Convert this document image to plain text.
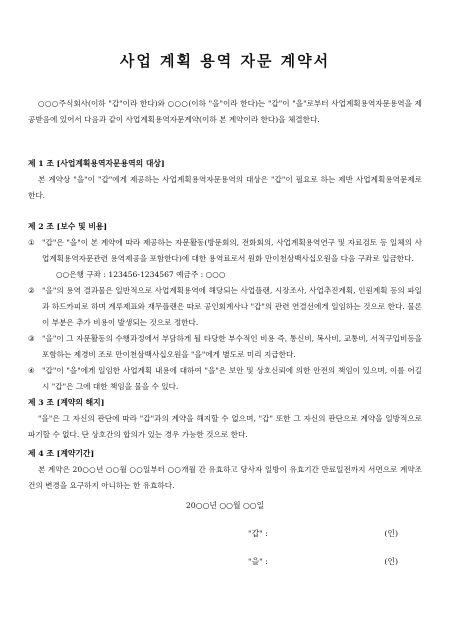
사업 계획 용역 자문 계약서
○○○주식회사(이하 "갑"이라 한다)와 ○○○(이하 "을"이라 한다)는 "갑"이 "을"로부터 사업계획용역자문용역을 제공받음에 있어서 다음과 같이 사업계획용역자문계약(이하 본 계약이라 한다)을 체결한다.
제 1 조 [사업계획용역자문용역의 대상]
본 계약상 "을"이 "갑"에게 제공하는 사업계획용역자문용역의 대상은 "갑"이 필요로 하는 제반 사업계획용역문제로 한다.
제 2 조 [보수 및 비용]
① "갑"은 "을"이 본 계약에 따라 제공하는 자문활동(방문회의, 전화회의, 사업계획용역연구 및 자료검토 등 일체의 사업계획용역자문관련 용역제공을 포함한다)에 대한 용역료로서 원화 만이천삼백사십오원을 다음 구좌로 입금한다.
○○은행 구좌 : 123456-1234567 예금주 : ○○○
② "을"의 용역 결과물은 일반적으로 사업계획용역에 해당되는 사업플랜, 시장조사, 사업추진계획, 인원계획 등의 파일과 하드카피로 하며 계루제표와 재무플랜은 따로 공인회계사나 "갑"의 관련 연결선에게 일임하는 것으로 한다. 물론 이 부분은 추가 비용이 발생되는 것으로 정한다.
③ "을"이 그 자문활동의 수행과정에서 부담하게 될 타당한 부수적인 비용 즉, 통신비, 복사비, 교통비, 서적구입비등을 포함하는 제경비 조로 만이천삼백사십오원을 "을"에게 별도로 미리 지급한다.
④ "갑"이 "을"에게 일임한 사업계획 내용에 대하여 "을"은 보안 및 상호신뢰에 의한 안전의 책임이 있으며, 이를 어길 시 "갑"은 그에 대한 책임을 물을 수 있다.
제 3 조 [계약의 해지]
"을"은 그 자신의 판단에 따라 "갑"과의 계약을 해지할 수 없으며, "갑" 또한 그 자신의 판단으로 계약을 일방적으로 파기할 수 없다. 단 상호간의 합의가 있는 경우 가능한 것으로 한다.
제 4 조 [계약기간]
본 계약은 20○○년 ○○월 ○○일부터 ○○개월 간 유효하고 당사자 일방이 유효기간 만료일전까지 서면으로 계약조건의 변경을 요구하지 아니하는 한 유효하다.
20○○년 ○○월 ○○일
"갑" :	(인)
"을" :	(인)
